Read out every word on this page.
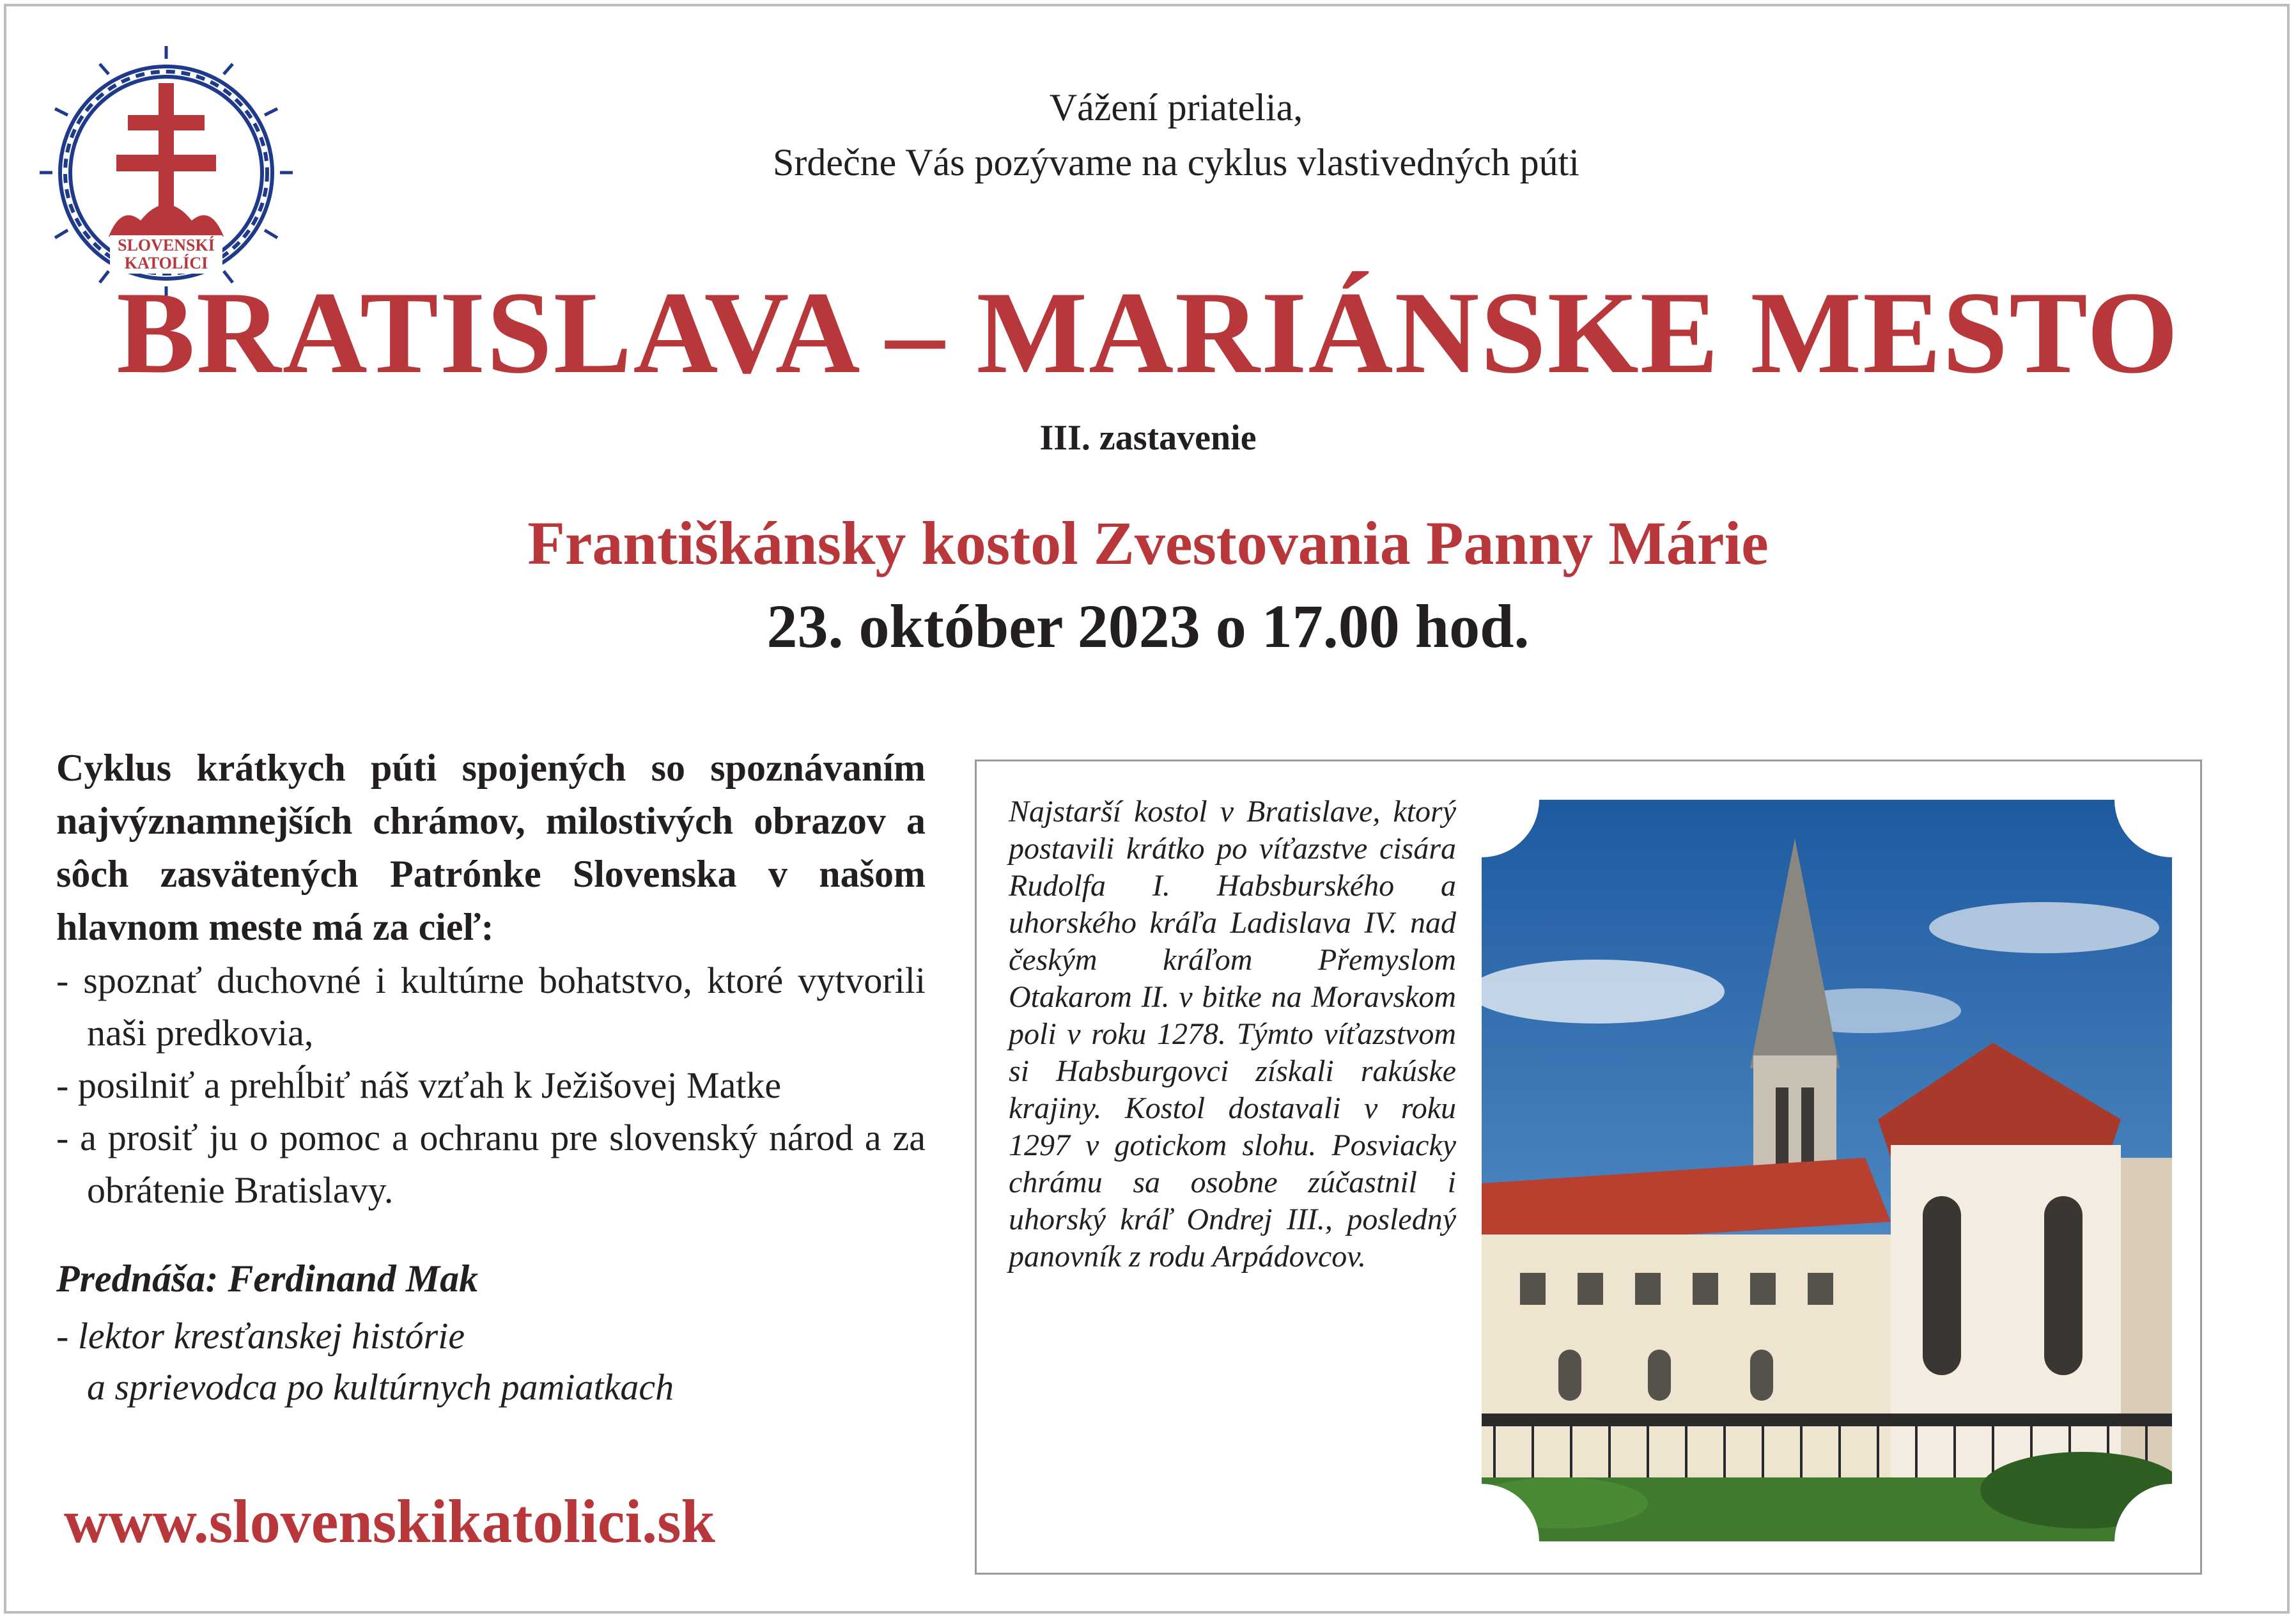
SLOVENSKÍ
KATOLÍCI
Vážení priatelia,
Srdečne Vás pozývame na cyklus vlastivedných púti
BRATISLAVA – MARIÁNSKE MESTO
III. zastavenie
Františkánsky kostol Zvestovania Panny Márie
23. október 2023 o 17.00 hod.
Cyklus krátkych púti spojených so spoznávaním najvýznamnejších chrámov, milostivých obrazov a sôch zasvätených Patrónke Slovenska v našom hlavnom meste má za cieľ:
- spoznať duchovné i kultúrne bohatstvo, ktoré vytvorili naši predkovia,
- posilniť a prehĺbiť náš vzťah k Ježišovej Matke
- a prosiť ju o pomoc a ochranu pre slovenský národ a za obrátenie Bratislavy.
Prednáša: Ferdinand Mak
- lektor kresťanskej histórie
a sprievodca po kultúrnych pamiatkach
www.slovenskikatolici.sk
Najstarší kostol v Bratislave, ktorý postavili krátko po víťazstve cisára Rudolfa I. Habsburského a uhorského kráľa Ladislava IV. nad českým kráľom Přemyslom Otakarom II. v bitke na Moravskom poli v roku 1278. Týmto víťazstvom si Habsburgovci získali rakúske krajiny. Kostol dostavali v roku 1297 v gotickom slohu. Posviacky chrámu sa osobne zúčastnil i uhorský kráľ Ondrej III., posledný panovník z rodu Arpádovcov.
